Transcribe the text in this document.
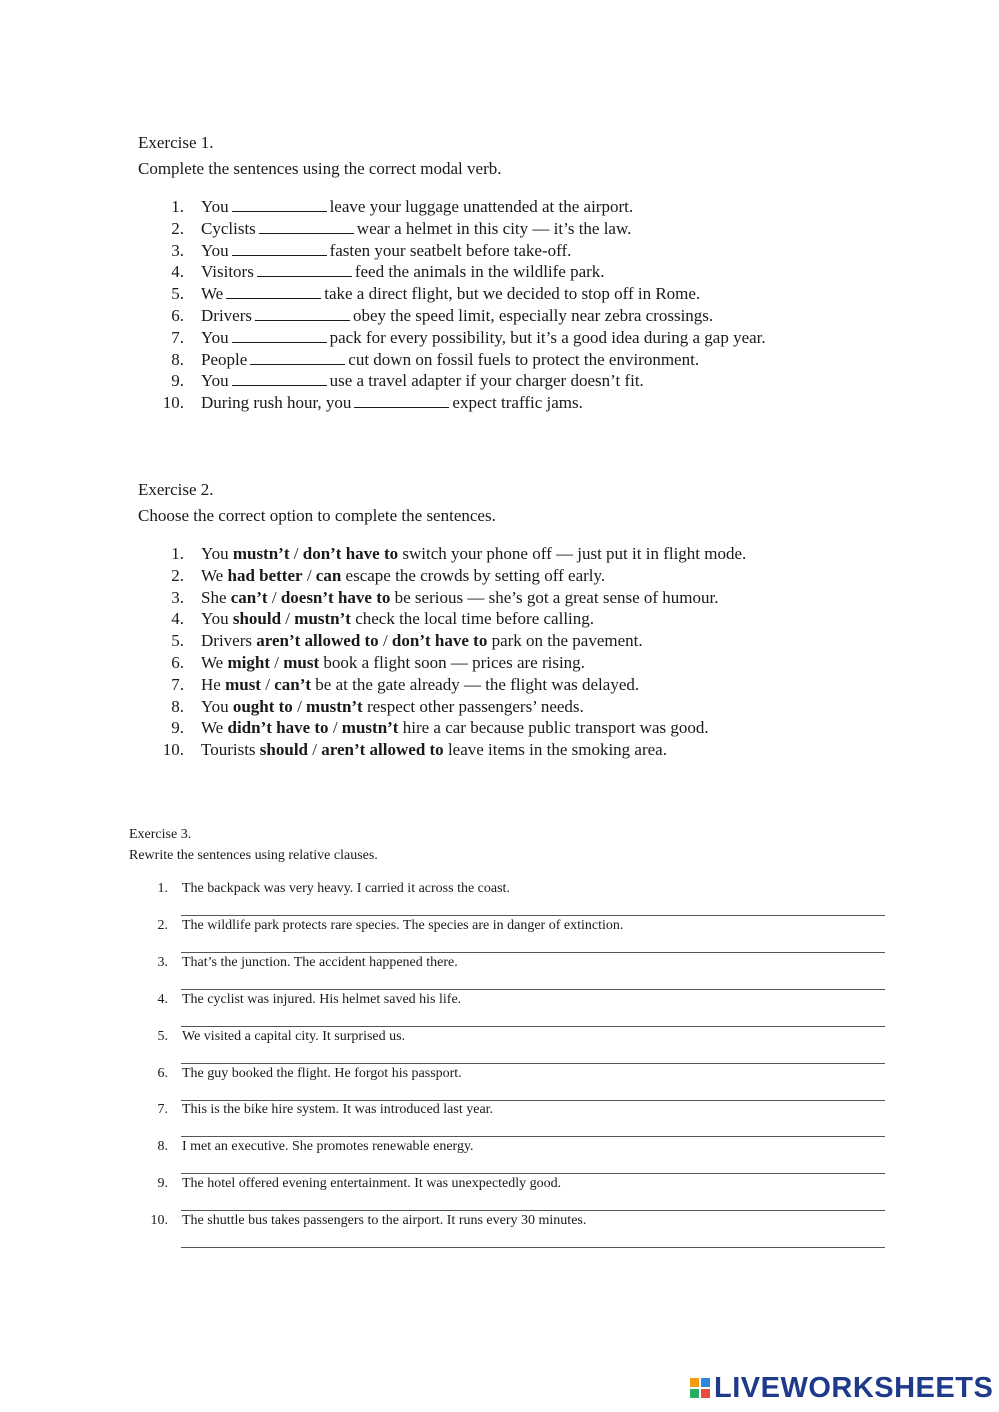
Exercise 1.
Complete the sentences using the correct modal verb.
1. You	leave your luggage unattended at the airport.
2. Cyclists	wear a helmet in this city — it’s the law.
3. You	fasten your seatbelt before take-off.
4. Visitors	feed the animals in the wildlife park.
5. We	take a direct flight, but we decided to stop off in Rome.
6. Drivers	obey the speed limit, especially near zebra crossings.
7. You	pack for every possibility, but it’s a good idea during a gap year.
8. People	cut down on fossil fuels to protect the environment.
9. You	use a travel adapter if your charger doesn’t fit.
10. During rush hour, you	expect traffic jams.
Exercise 2.
Choose the correct option to complete the sentences.
1. You mustn’t / don’t have to switch your phone off — just put it in flight mode.
2. We had better / can escape the crowds by setting off early.
3. She can’t / doesn’t have to be serious — she’s got a great sense of humour.
4. You should / mustn’t check the local time before calling.
5. Drivers aren’t allowed to / don’t have to park on the pavement.
6. We might / must book a flight soon — prices are rising.
7. He must / can’t be at the gate already — the flight was delayed.
8. You ought to / mustn’t respect other passengers’ needs.
9. We didn’t have to / mustn’t hire a car because public transport was good.
10. Tourists should / aren’t allowed to leave items in the smoking area.
Exercise 3.
Rewrite the sentences using relative clauses.
1. The backpack was very heavy. I carried it across the coast.
2. The wildlife park protects rare species. The species are in danger of extinction.
3. That’s the junction. The accident happened there.
4. The cyclist was injured. His helmet saved his life.
5. We visited a capital city. It surprised us.
6. The guy booked the flight. He forgot his passport.
7. This is the bike hire system. It was introduced last year.
8. I met an executive. She promotes renewable energy.
9. The hotel offered evening entertainment. It was unexpectedly good.
10. The shuttle bus takes passengers to the airport. It runs every 30 minutes.
LIVEWORKSHEETS
